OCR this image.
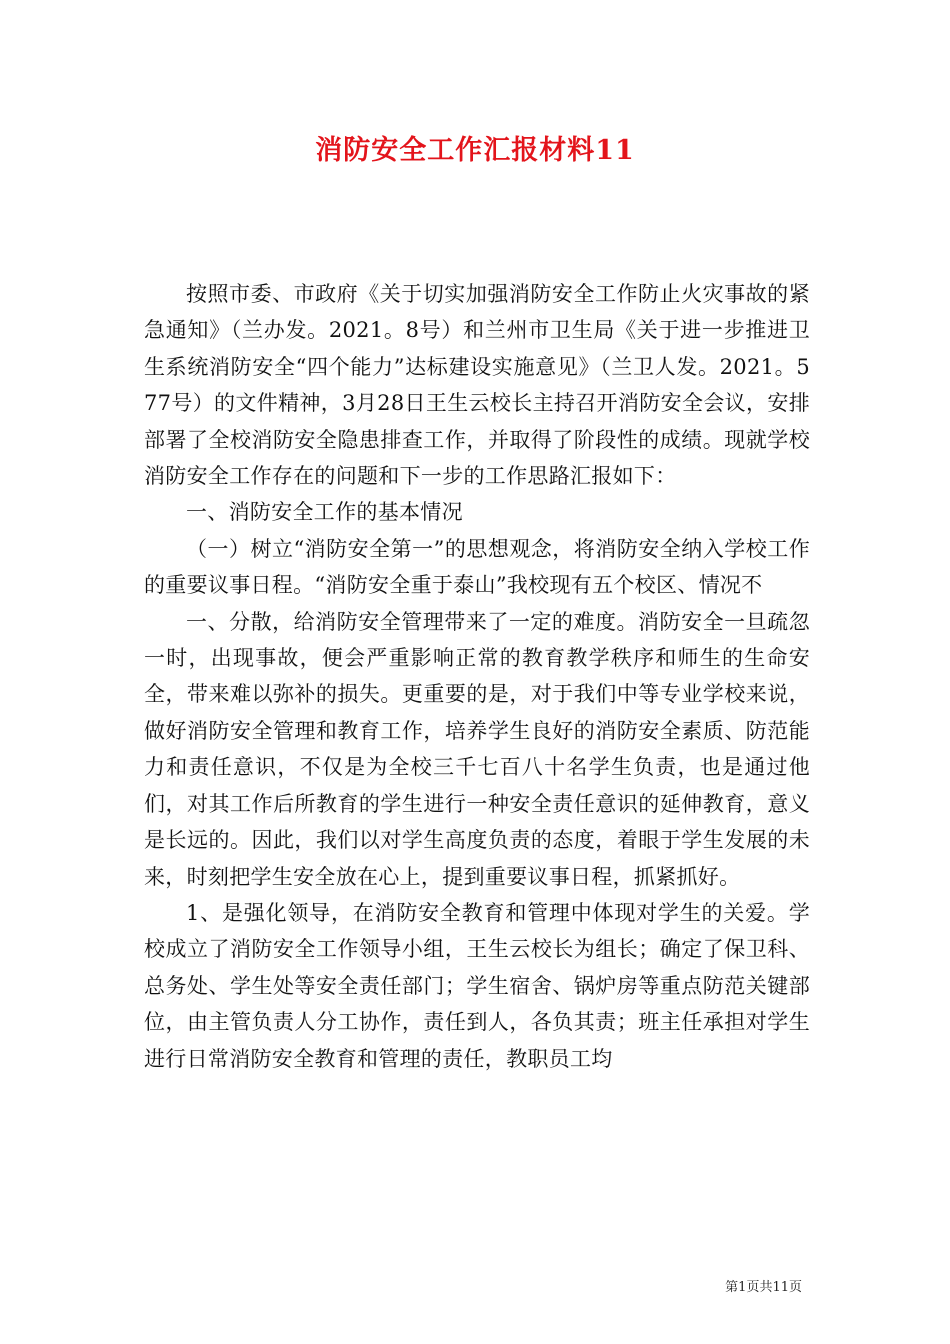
消防安全工作汇报材料11

按照市委、市政府《关于切实加强消防安全工作防止火灾事故的紧急通知》（兰办发。2021。8号）和兰州市卫生局《关于进一步推进卫生系统消防安全“四个能力”达标建设实施意见》（兰卫人发。2021。577号）的文件精神，3月28日王生云校长主持召开消防安全会议，安排部署了全校消防安全隐患排查工作，并取得了阶段性的成绩。现就学校消防安全工作存在的问题和下一步的工作思路汇报如下：

一、消防安全工作的基本情况

（一）树立“消防安全第一”的思想观念，将消防安全纳入学校工作的重要议事日程。“消防安全重于泰山”我校现有五个校区、情况不

一、分散，给消防安全管理带来了一定的难度。消防安全一旦疏忽一时，出现事故，便会严重影响正常的教育教学秩序和师生的生命安全，带来难以弥补的损失。更重要的是，对于我们中等专业学校来说，做好消防安全管理和教育工作，培养学生良好的消防安全素质、防范能力和责任意识，不仅是为全校三千七百八十名学生负责，也是通过他们，对其工作后所教育的学生进行一种安全责任意识的延伸教育，意义是长远的。因此，我们以对学生高度负责的态度，着眼于学生发展的未来，时刻把学生安全放在心上，提到重要议事日程，抓紧抓好。

1、是强化领导，在消防安全教育和管理中体现对学生的关爱。学校成立了消防安全工作领导小组，王生云校长为组长；确定了保卫科、总务处、学生处等安全责任部门；学生宿舍、锅炉房等重点防范关键部位，由主管负责人分工协作，责任到人，各负其责；班主任承担对学生进行日常消防安全教育和管理的责任，教职员工均

第1页共11页
